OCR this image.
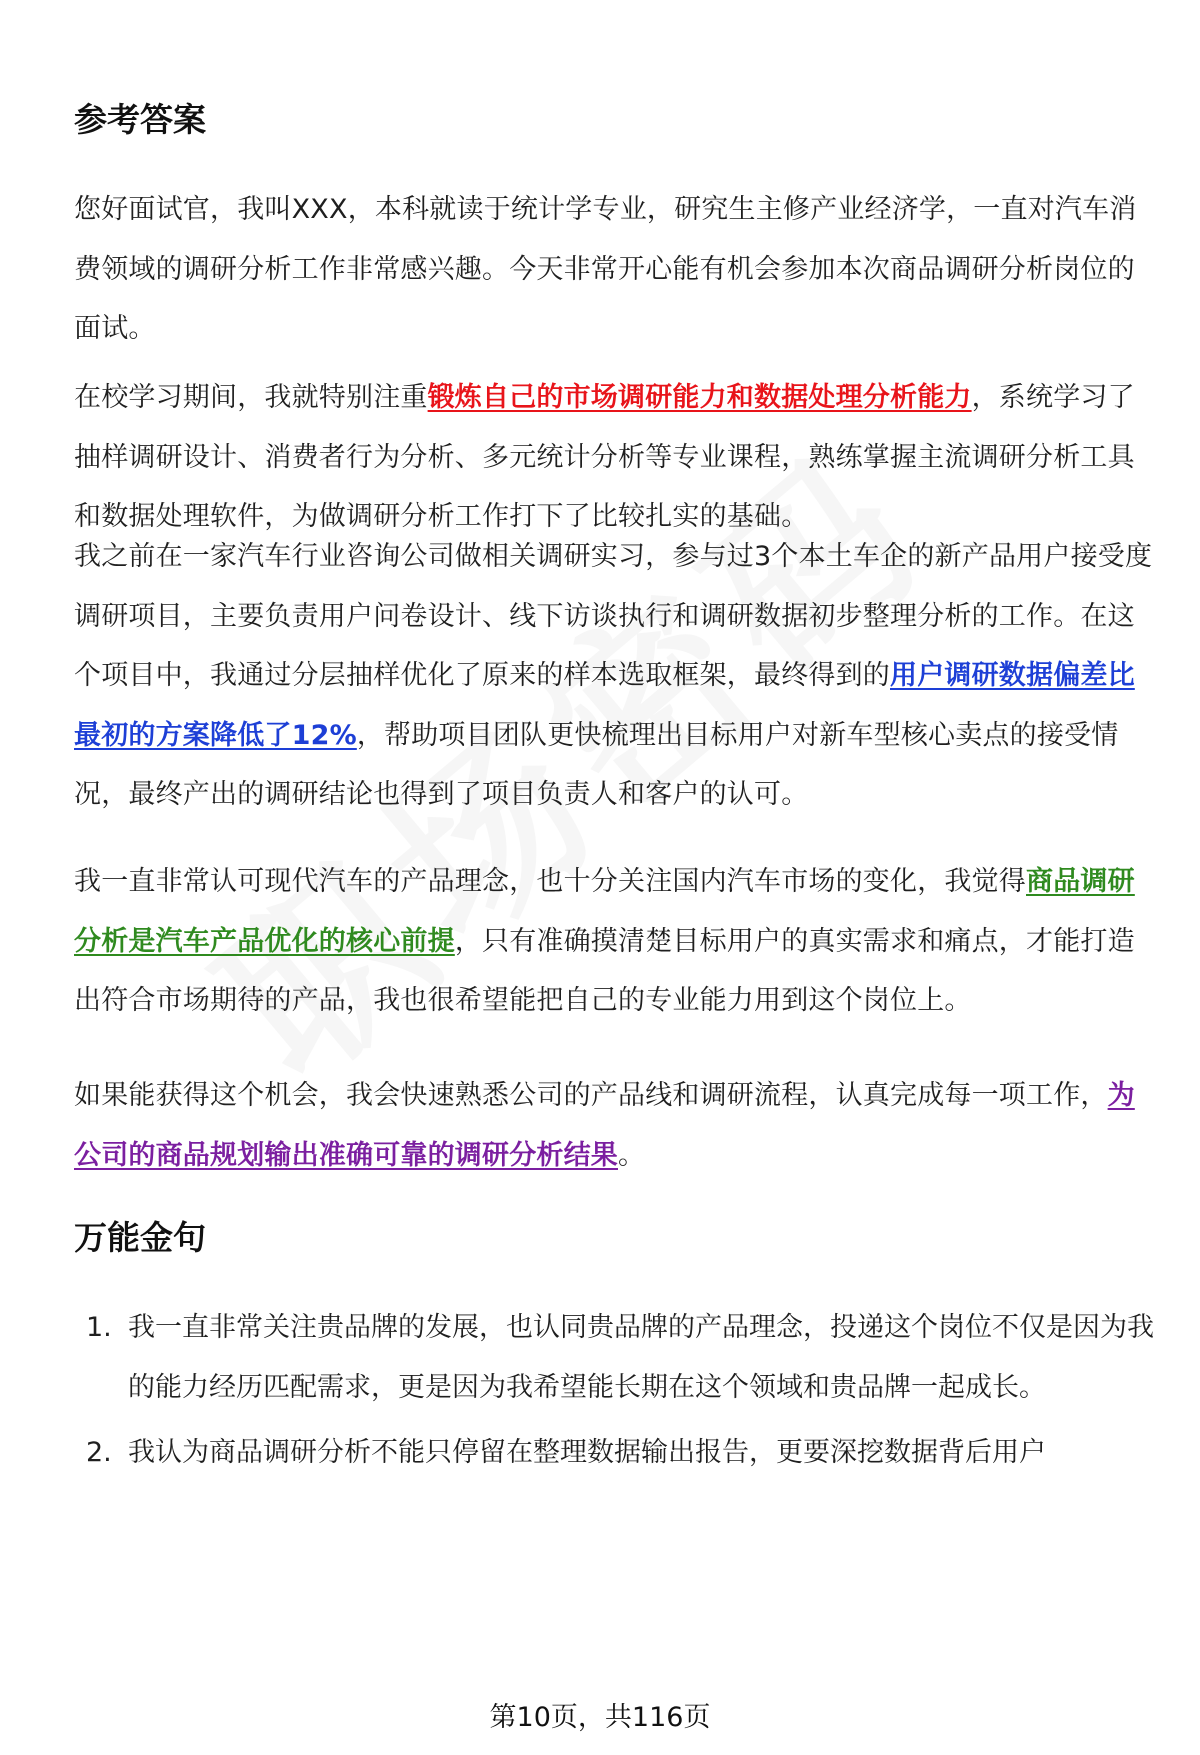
参考答案

您好面试官，我叫XXX，本科就读于统计学专业，研究生主修产业经济学，一直对汽车消费领域的调研分析工作非常感兴趣。今天非常开心能有机会参加本次商品调研分析岗位的面试。

在校学习期间，我就特别注重锻炼自己的市场调研能力和数据处理分析能力，系统学习了抽样调研设计、消费者行为分析、多元统计分析等专业课程，熟练掌握主流调研分析工具和数据处理软件，为做调研分析工作打下了比较扎实的基础。

我之前在一家汽车行业咨询公司做相关调研实习，参与过3个本土车企的新产品用户接受度调研项目，主要负责用户问卷设计、线下访谈执行和调研数据初步整理分析的工作。在这个项目中，我通过分层抽样优化了原来的样本选取框架，最终得到的用户调研数据偏差比最初的方案降低了12%，帮助项目团队更快梳理出目标用户对新车型核心卖点的接受情况，最终产出的调研结论也得到了项目负责人和客户的认可。

我一直非常认可现代汽车的产品理念，也十分关注国内汽车市场的变化，我觉得商品调研分析是汽车产品优化的核心前提，只有准确摸清楚目标用户的真实需求和痛点，才能打造出符合市场期待的产品，我也很希望能把自己的专业能力用到这个岗位上。

如果能获得这个机会，我会快速熟悉公司的产品线和调研流程，认真完成每一项工作，为公司的商品规划输出准确可靠的调研分析结果。

万能金句
1. 我一直非常关注贵品牌的发展，也认同贵品牌的产品理念，投递这个岗位不仅是因为我的能力经历匹配需求，更是因为我希望能长期在这个领域和贵品牌一起成长。
2. 我认为商品调研分析不能只停留在整理数据输出报告，更要深挖数据背后用户
第10页，共116页
